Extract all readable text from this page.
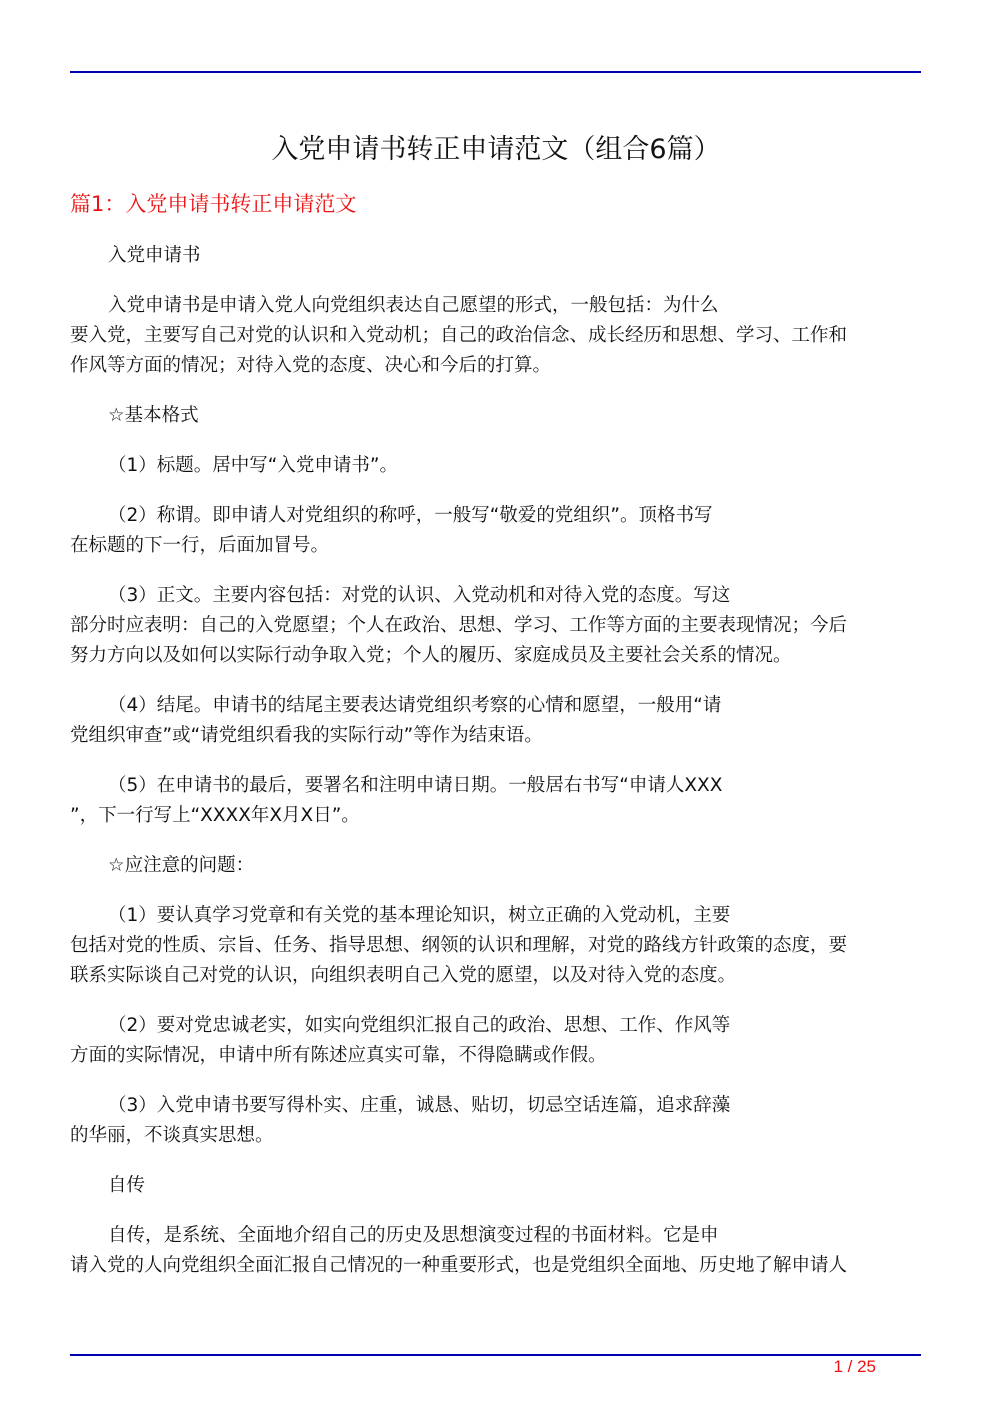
入党申请书转正申请范文（组合6篇）
篇1：入党申请书转正申请范文
入党申请书
入党申请书是申请入党人向党组织表达自己愿望的形式，一般包括：为什么
要入党，主要写自己对党的认识和入党动机；自己的政治信念、成长经历和思想、学习、工作和
作风等方面的情况；对待入党的态度、决心和今后的打算。
☆基本格式
（1）标题。居中写“入党申请书”。
（2）称谓。即申请人对党组织的称呼，一般写“敬爱的党组织”。顶格书写
在标题的下一行，后面加冒号。
（3）正文。主要内容包括：对党的认识、入党动机和对待入党的态度。写这
部分时应表明：自己的入党愿望；个人在政治、思想、学习、工作等方面的主要表现情况；今后
努力方向以及如何以实际行动争取入党；个人的履历、家庭成员及主要社会关系的情况。
（4）结尾。申请书的结尾主要表达请党组织考察的心情和愿望，一般用“请
党组织审查”或“请党组织看我的实际行动”等作为结束语。
（5）在申请书的最后，要署名和注明申请日期。一般居右书写“申请人XXX
”，下一行写上“XXXX年X月X日”。
☆应注意的问题：
（1）要认真学习党章和有关党的基本理论知识，树立正确的入党动机，主要
包括对党的性质、宗旨、任务、指导思想、纲领的认识和理解，对党的路线方针政策的态度，要
联系实际谈自己对党的认识，向组织表明自己入党的愿望，以及对待入党的态度。
（2）要对党忠诚老实，如实向党组织汇报自己的政治、思想、工作、作风等
方面的实际情况，申请中所有陈述应真实可靠，不得隐瞒或作假。
（3）入党申请书要写得朴实、庄重，诚恳、贴切，切忌空话连篇，追求辞藻
的华丽，不谈真实思想。
自传
自传，是系统、全面地介绍自己的历史及思想演变过程的书面材料。它是申
请入党的人向党组织全面汇报自己情况的一种重要形式，也是党组织全面地、历史地了解申请人
1 / 25
